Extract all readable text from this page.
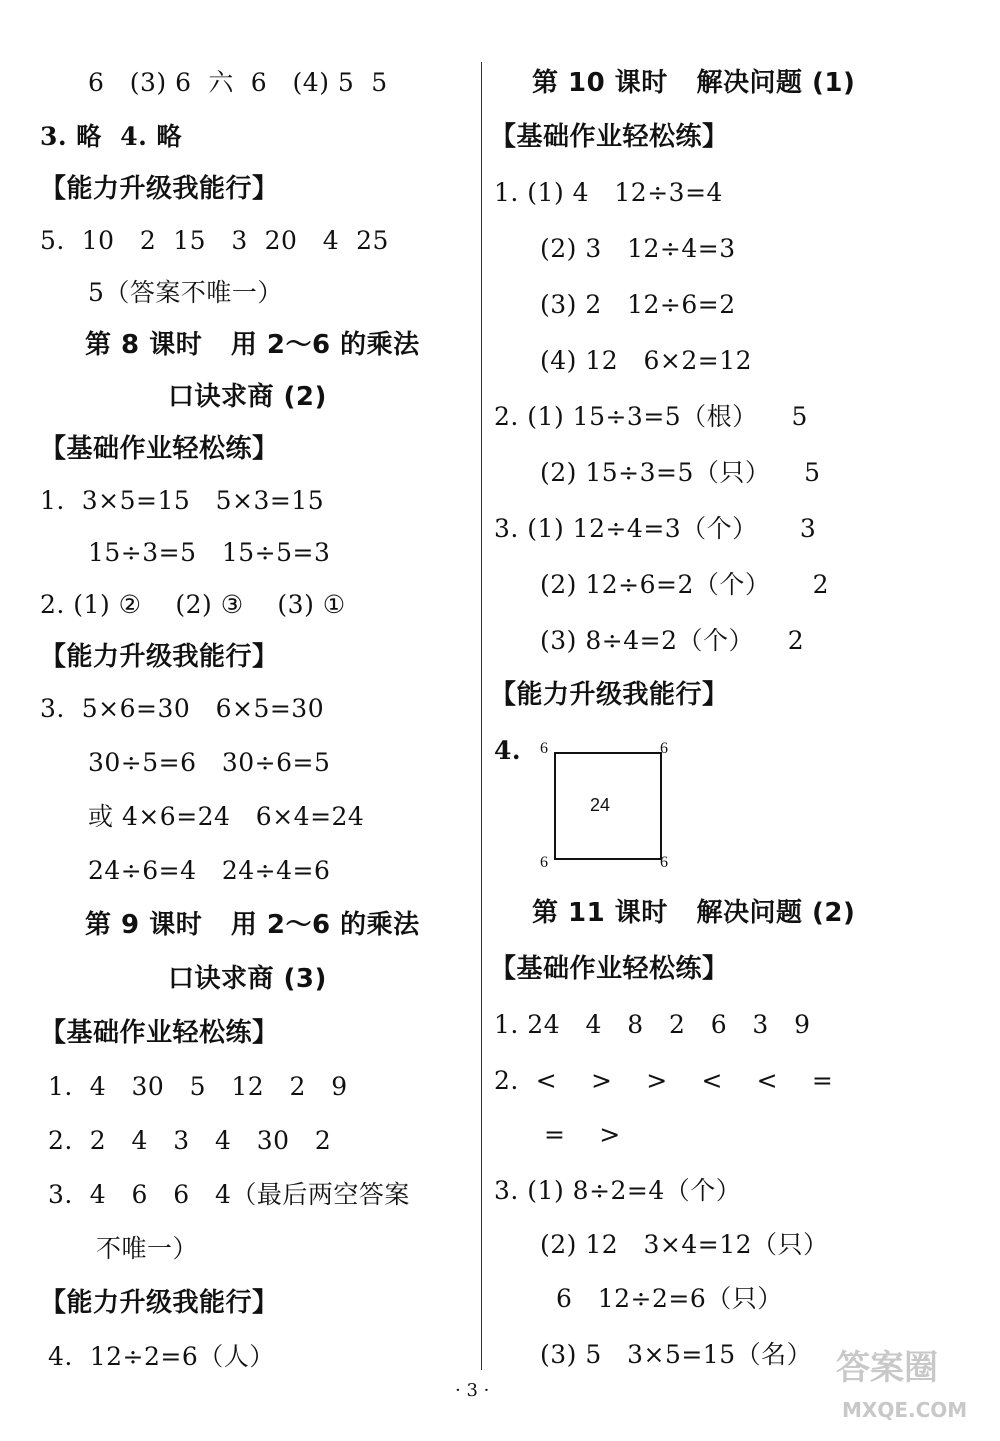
6   (3) 6  六  6   (4) 5  5
3. 略  4. 略
【能力升级我能行】
5.  10   2  15   3  20   4  25
5（答案不唯一）
第 8 课时   用 2～6 的乘法
口诀求商 (2)
【基础作业轻松练】
1.  3×5=15   5×3=15
15÷3=5   15÷5=3
2. (1) ②    (2) ③    (3) ①
【能力升级我能行】
3.  5×6=30   6×5=30
30÷5=6   30÷6=5
或 4×6=24   6×4=24
24÷6=4   24÷4=6
第 9 课时   用 2～6 的乘法
口诀求商 (3)
【基础作业轻松练】
1.  4   30   5   12   2   9
2.  2   4   3   4   30   2
3.  4   6   6   4（最后两空答案
不唯一）
【能力升级我能行】
4.  12÷2=6（人）
第 10 课时   解决问题 (1)
【基础作业轻松练】
1. (1) 4   12÷3=4
(2) 3   12÷4=3
(3) 2   12÷6=2
(4) 12   6×2=12
2. (1) 15÷3=5（根）    5
(2) 15÷3=5（只）    5
3. (1) 12÷4=3（个）     3
(2) 12÷6=2（个）     2
(3) 8÷4=2（个）    2
【能力升级我能行】
4.
第 11 课时   解决问题 (2)
【基础作业轻松练】
1. 24   4   8   2   6   3   9
2.  <    >    >    <    <    =
=    >
3. (1) 8÷2=4（个）
(2) 12   3×4=12（只）
6   12÷2=6（只）
(3) 5   3×5=15（名）
6	6
6	6
24
· 3 ·
答案圈
MXQE.COM
